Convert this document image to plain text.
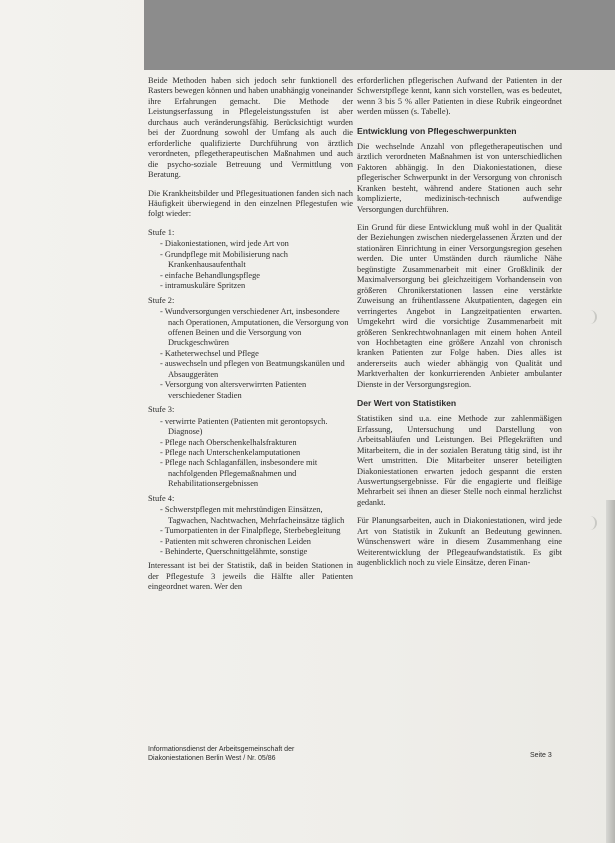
Beide Methoden haben sich jedoch sehr funktionell des Rasters bewegen können und haben unabhängig voneinander ihre Erfahrungen gemacht. Die Methode der Leistungserfassung in Pflegeleistungsstufen ist aber durchaus auch veränderungsfähig. Berücksichtigt wurden bei der Zuordnung sowohl der Umfang als auch die erforderliche qualifizierte Durchführung von ärztlich verordneten, pflegetherapeutischen Maßnahmen und auch die psycho-soziale Betreuung und Vermittlung von Beratung.

Die Krankheitsbilder und Pflegesituationen fanden sich nach Häufigkeit überwiegend in den einzelnen Pflegestufen wie folgt wieder:

Stufe 1:
- Diakoniestationen, wird jede Art von
- Grundpflege mit Mobilisierung nach Krankenhausaufenthalt
- einfache Behandlungspflege
- intramuskuläre Spritzen
Stufe 2:
- Wundversorgungen verschiedener Art, insbesondere nach Operationen, Amputationen, die Versorgung von offenen Beinen und die Versorgung von Druckgeschwüren
- Katheterwechsel und Pflege
- auswechseln und pflegen von Beatmungskanülen und Absauggeräten
- Versorgung von altersverwirrten Patienten verschiedener Stadien
Stufe 3:
- verwirrte Patienten (Patienten mit gerontopsych. Diagnose)
- Pflege nach Oberschenkelhalsfrakturen
- Pflege nach Unterschenkelamputationen
- Pflege nach Schlaganfällen, insbesondere mit nachfolgenden Pflegemaßnahmen und Rehabilitationsergebnissen
Stufe 4:
- Schwerstpflegen mit mehrstündigen Einsätzen, Tagwachen, Nachtwachen, Mehrfacheinsätze täglich
- Tumorpatienten in der Finalpflege, Sterbebegleitung
- Patienten mit schweren chronischen Leiden
- Behinderte, Querschnittgelähmte, sonstige

Interessant ist bei der Statistik, daß in beiden Stationen in der Pflegestufe 3 jeweils die Hälfte aller Patienten eingeordnet waren. Wer den

erforderlichen pflegerischen Aufwand der Patienten in der Schwerstpflege kennt, kann sich vorstellen, was es bedeutet, wenn 3 bis 5 % aller Patienten in diese Rubrik eingeordnet werden müssen (s. Tabelle).

Entwicklung von Pflegeschwerpunkten

Die wechselnde Anzahl von pflegetherapeutischen und ärztlich verordneten Maßnahmen ist von unterschiedlichen Faktoren abhängig. In den Diakoniestationen, diese pflegerischer Schwerpunkt in der Versorgung von chronisch Kranken besteht, während andere Stationen auch sehr komplizierte, medizinisch-technisch aufwendige Versorgungen durchführen.

Ein Grund für diese Entwicklung muß wohl in der Qualität der Beziehungen zwischen niedergelassenen Ärzten und der stationären Einrichtung in einer Versorgungsregion gesehen werden. Die unter Umständen durch räumliche Nähe begünstigte Zusammenarbeit mit einer Großklinik der Maximalversorgung bei gleichzeitigem Vorhandensein von größeren Chronikerstationen lassen eine verstärkte Zuweisung an frühentlassene Akutpatienten, dagegen ein verringertes Angebot in Langzeitpatienten erwarten. Umgekehrt wird die vorsichtige Zusammenarbeit mit größeren Senkrechtwohnanlagen mit einem hohen Anteil von Hochbetagten eine größere Anzahl von chronisch kranken Patienten zur Folge haben. Dies alles ist andererseits auch wieder abhängig von Qualität und Marktverhalten der konkurrierenden Anbieter ambulanter Dienste in der Versorgungsregion.

Der Wert von Statistiken

Statistiken sind u.a. eine Methode zur zahlenmäßigen Erfassung, Untersuchung und Darstellung von Arbeitsabläufen und Leistungen. Bei Pflegekräften und Mitarbeitern, die in der sozialen Beratung tätig sind, ist ihr Wert umstritten. Die Mitarbeiter unserer beteiligten Diakoniestationen erwarten jedoch gespannt die ersten Auswertungsergebnisse. Für die engagierte und fleißige Mehrarbeit sei ihnen an dieser Stelle noch einmal herzlichst gedankt.

Für Planungsarbeiten, auch in Diakoniestationen, wird jede Art von Statistik in Zukunft an Bedeutung gewinnen. Wünschenswert wäre in diesem Zusammenhang eine Weiterentwicklung der Pflegeaufwandstatistik. Es gibt augenblicklich noch zu viele Einsätze, deren Finan-

Informationsdienst der Arbeitsgemeinschaft der
Diakoniestationen Berlin West / Nr. 05/86	Seite 3
